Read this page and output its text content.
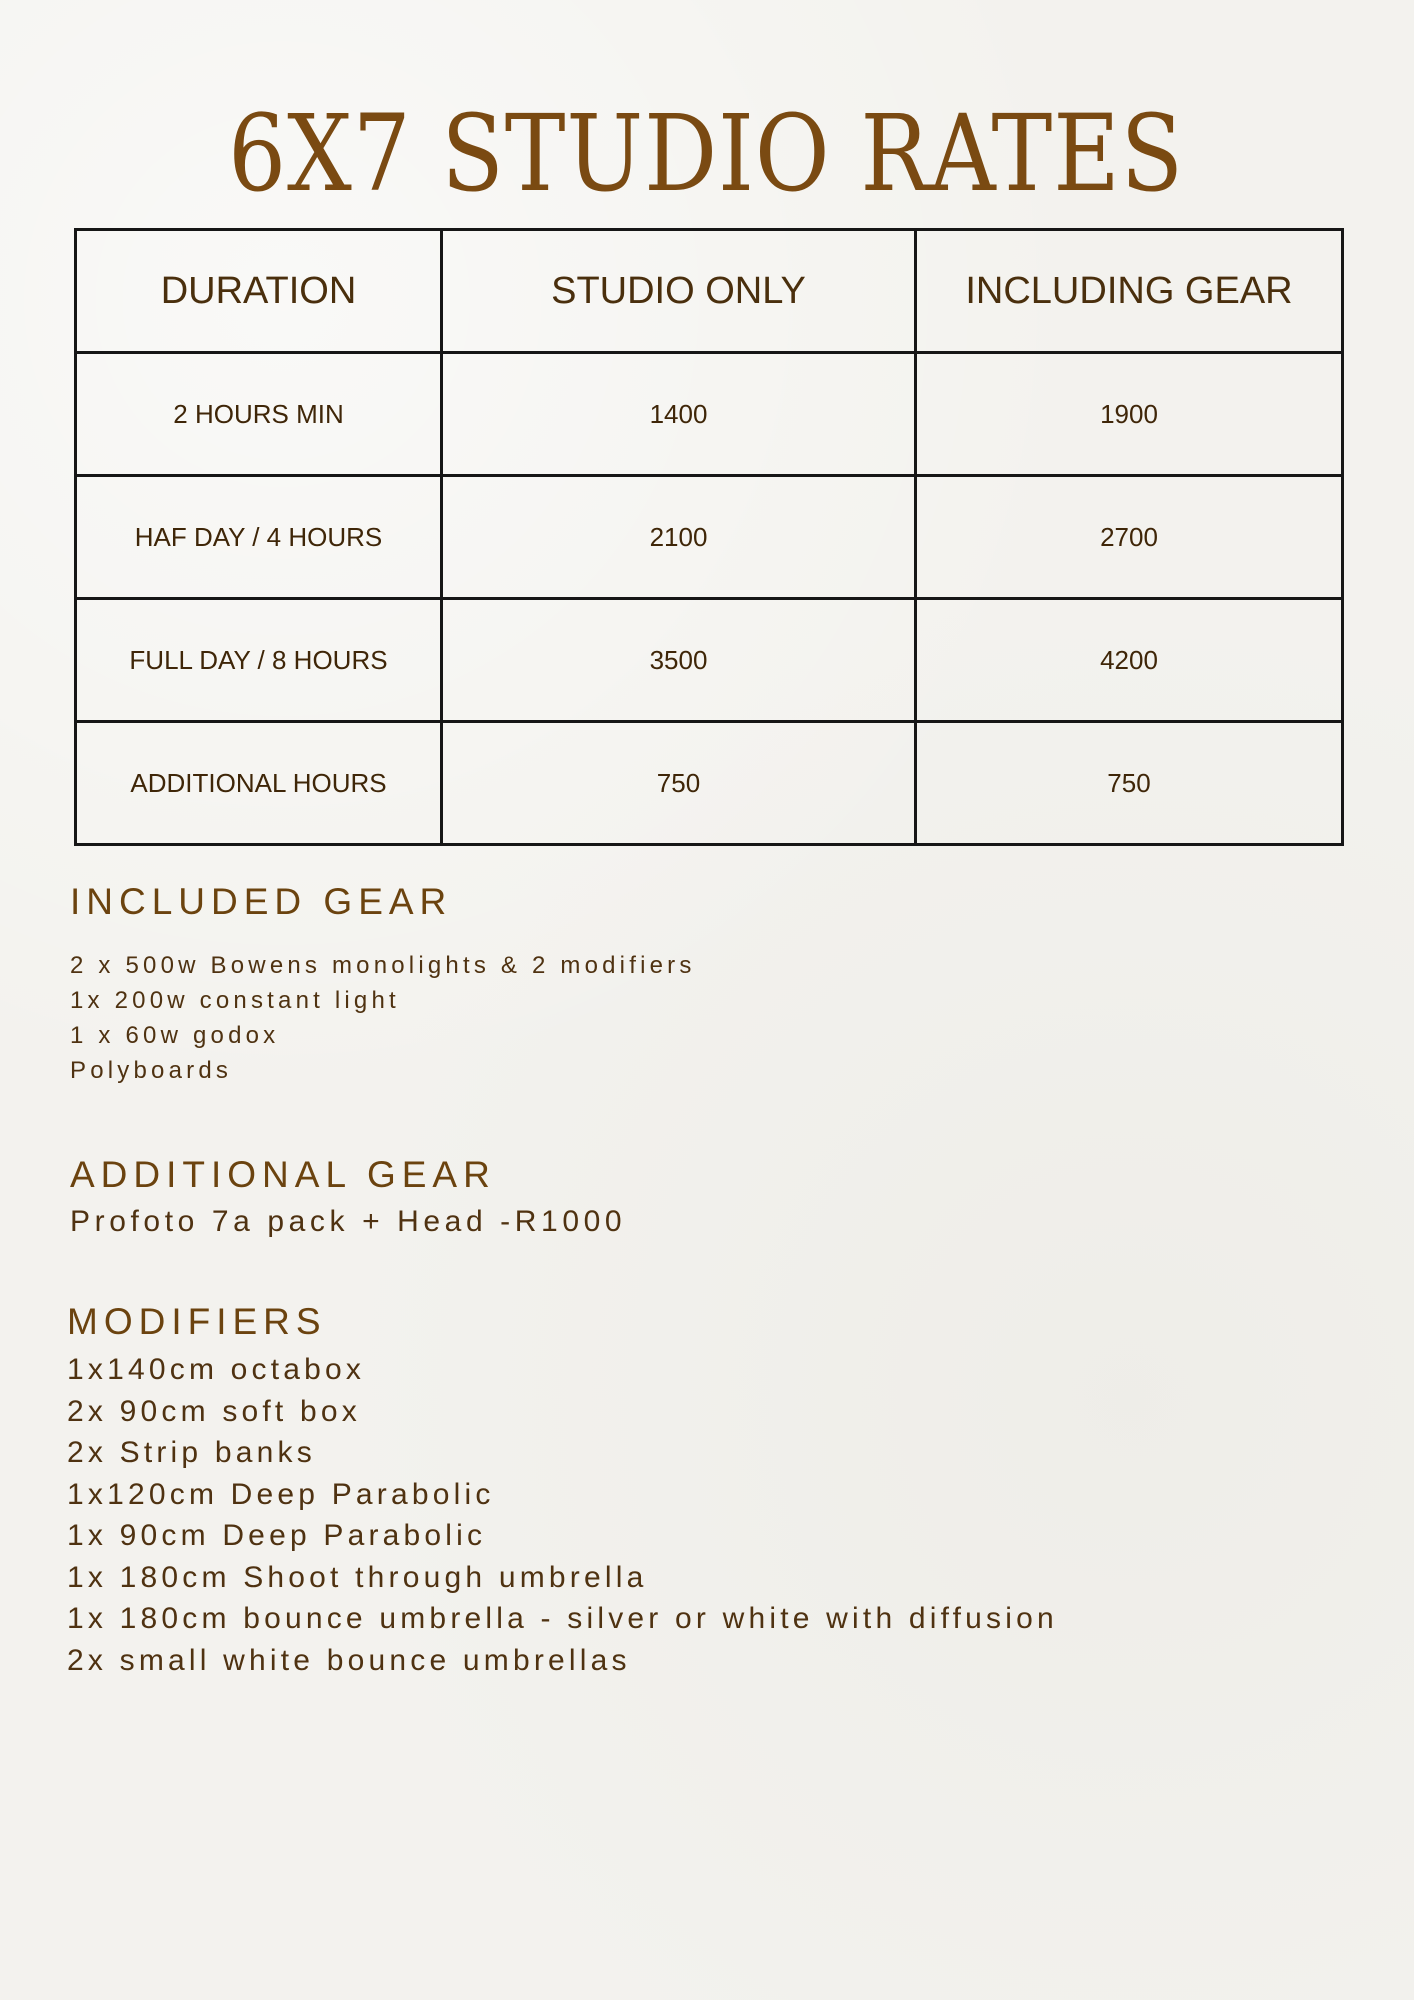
6X7 STUDIO RATES
DURATION	STUDIO ONLY	INCLUDING GEAR
2 HOURS MIN	1400	1900
HAF DAY / 4 HOURS	2100	2700
FULL DAY / 8 HOURS	3500	4200
ADDITIONAL HOURS	750	750
INCLUDED GEAR
2 x 500w Bowens monolights & 2 modifiers
1x 200w constant light
1 x 60w godox
Polyboards
ADDITIONAL GEAR
Profoto 7a pack + Head -R1000
MODIFIERS
1x140cm octabox
2x 90cm soft box
2x Strip banks
1x120cm Deep Parabolic
1x 90cm Deep Parabolic
1x 180cm Shoot through umbrella
1x 180cm bounce umbrella - silver or white with diffusion
2x small white bounce umbrellas
